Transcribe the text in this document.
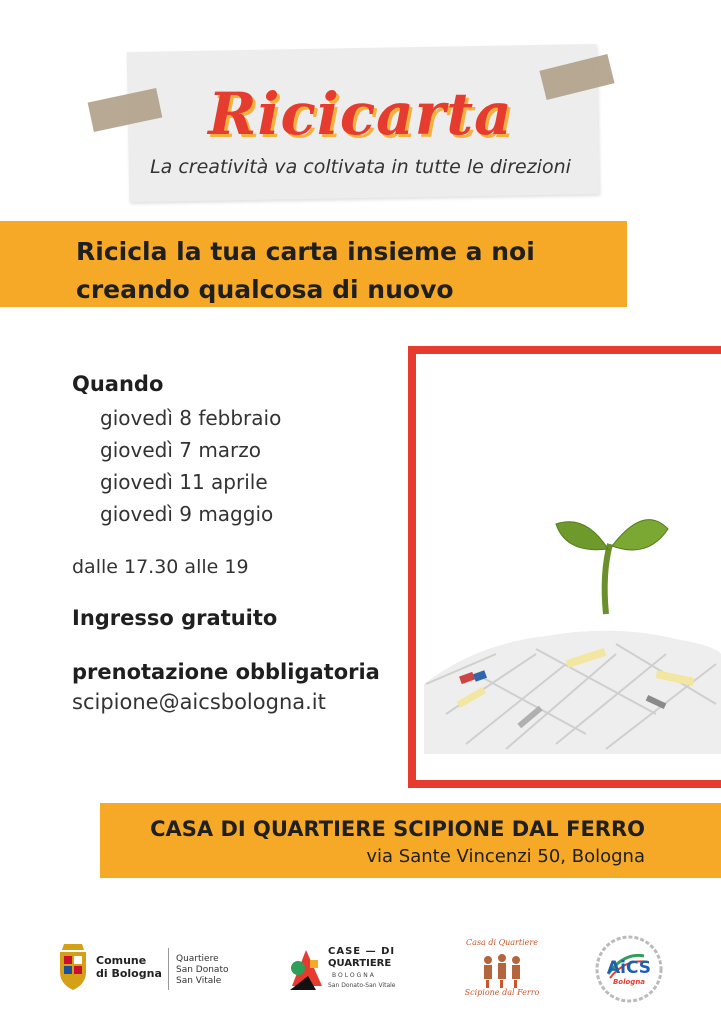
Ricicarta
La creatività va coltivata in tutte le direzioni
Ricicla la tua carta insieme a noi
creando qualcosa di nuovo
Quando
giovedì 8 febbraio
giovedì 7 marzo
giovedì 11 aprile
giovedì 9 maggio
dalle 17.30 alle 19
Ingresso gratuito
prenotazione obbligatoria
scipione@aicsbologna.it
CASA DI QUARTIERE SCIPIONE DAL FERRO
via Sante Vincenzi 50, Bologna
Comune
di Bologna
Quartiere
San Donato
San Vitale
CASE — DI
QUARTIERE
BOLOGNA
San Donato-San Vitale
Casa di Quartiere
Scipione dal Ferro
AiCS
Bologna
